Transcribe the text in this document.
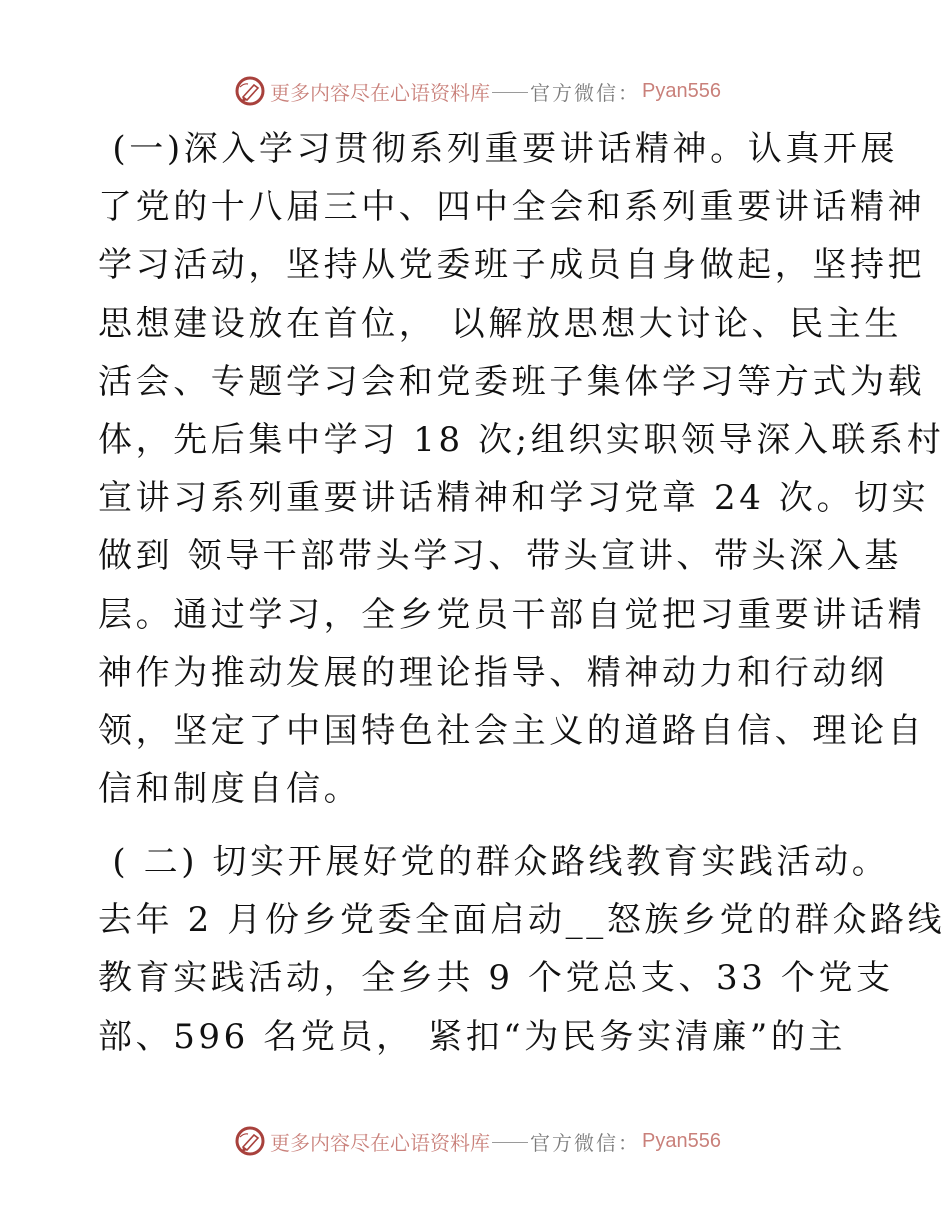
更多内容尽在心语资料库 官方微信： Pyan556
(一)深入学习贯彻系列重要讲话精神。认真开展
了党的十八届三中、四中全会和系列重要讲话精神
学习活动，坚持从党委班子成员自身做起，坚持把
思想建设放在首位， 以解放思想大讨论、民主生
活会、专题学习会和党委班子集体学习等方式为载
体，先后集中学习 18 次;组织实职领导深入联系村
宣讲习系列重要讲话精神和学习党章 24 次。切实
做到 领导干部带头学习、带头宣讲、带头深入基
层。通过学习，全乡党员干部自觉把习重要讲话精
神作为推动发展的理论指导、精神动力和行动纲
领，坚定了中国特色社会主义的道路自信、理论自
信和制度自信。
( 二) 切实开展好党的群众路线教育实践活动。
去年 2 月份乡党委全面启动__怒族乡党的群众路线
教育实践活动，全乡共 9 个党总支、33 个党支
部、596 名党员， 紧扣“为民务实清廉”的主
更多内容尽在心语资料库 官方微信： Pyan556
